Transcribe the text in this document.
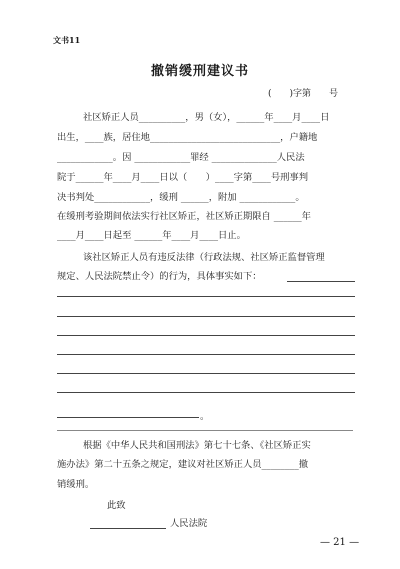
文书11
撤销缓刑建议书
(　　)字第　　号
社区矫正人员__________，男（女），______年____月____日
出生，____族，居住地____________________________，户籍地
____________。因 ____________罪经 ______________人民法
院于______年____月____日以（　　）____字第____号刑事判
决书判处____________，缓刑 ______，附加 ____________。
在缓刑考验期间依法实行社区矫正，社区矫正期限自 ______年
____月____日起至 ______年____月____日止。
该社区矫正人员有违反法律（行政法规、社区矫正监督管理
规定、人民法院禁止令）的行为，具体事实如下：
。
根据《中华人民共和国刑法》第七十七条、《社区矫正实
施办法》第二十五条之规定，建议对社区矫正人员________撤
销缓刑。
此致
人民法院
— 21 —
